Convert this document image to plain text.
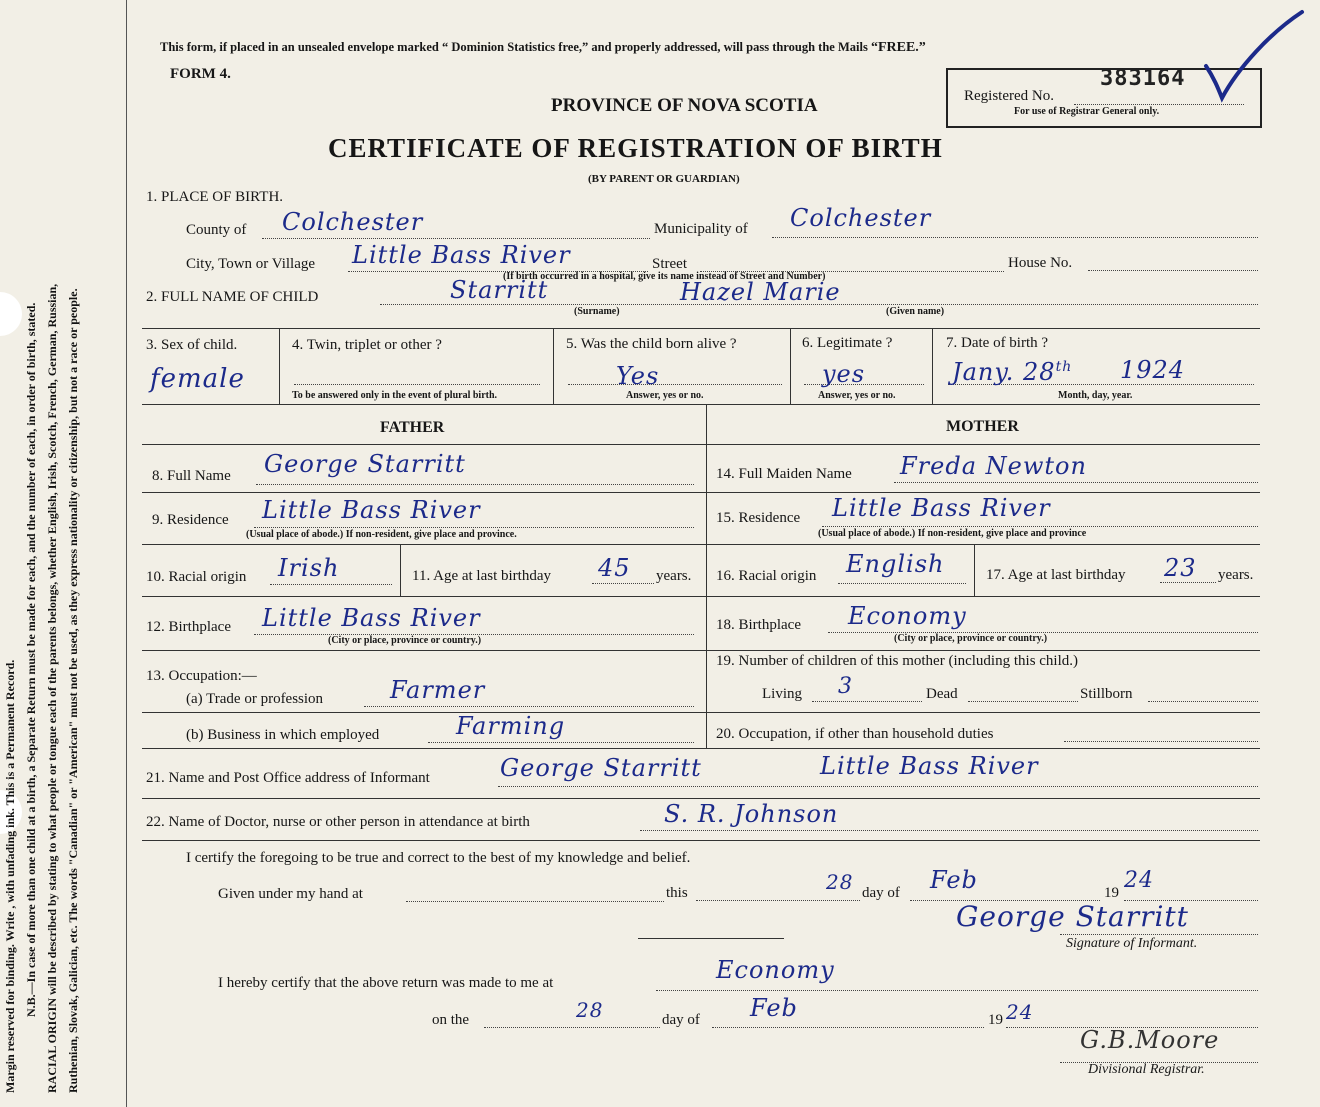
Margin reserved for binding. Write , with unfading ink. This is a Permanent Record. N.B.—In case of more than one child at a birth, a Separate Return must be made for each, and the number of each, in order of birth, stated. RACIAL ORIGIN will be described by stating to what people or tongue each of the parents belongs, whether English, Irish, Scotch, French, German, Russian, Ruthenian, Slovak, Galician, etc. The words "Canadian" or "American" must not be used, as they express nationality or citizenship, but not a race or people.
This form, if placed in an unsealed envelope marked “ Dominion Statistics free,” and properly addressed, will pass through the Mails “FREE.”
FORM 4.
PROVINCE OF NOVA SCOTIA
CERTIFICATE OF REGISTRATION OF BIRTH
(BY PARENT OR GUARDIAN)
Registered No.
383164
For use of Registrar General only.
1. PLACE OF BIRTH.
County of Colchester	Municipality of Colchester
City, Town or Village Little Bass River	Street	House No.
(If birth occurred in a hospital, give its name instead of Street and Number)
2. FULL NAME OF CHILD	Starritt	Hazel Marie
(Surname)	(Given name)
3. Sex of child.
female
4. Twin, triplet or other ?
To be answered only in the event of plural birth.
5. Was the child born alive ?
Yes
Answer, yes or no.
6. Legitimate ?
yes
Answer, yes or no.
7. Date of birth ?
Jany. 28th 1924
Month, day, year.
FATHER	MOTHER
8. Full Name George Starritt	14. Full Maiden Name Freda Newton
9. Residence Little Bass River
(Usual place of abode.) If non-resident, give place and province.
15. Residence Little Bass River
(Usual place of abode.) If non-resident, give place and province
10. Racial origin Irish	11. Age at last birthday 45 years. 16. Racial origin English	17. Age at last birthday 23 years.
12. Birthplace Little Bass River
(City or place, province or country.)
18. Birthplace Economy
(City or place, province or country.)
13. Occupation:—
(a) Trade or profession	Farmer
(b) Business in which employed	Farming
19. Number of children of this mother (including this child.)
Living 3	Dead	Stillborn
20. Occupation, if other than household duties
21. Name and Post Office address of Informant	George Starritt	Little Bass River
22. Name of Doctor, nurse or other person in attendance at birth	S. R. Johnson
I certify the foregoing to be true and correct to the best of my knowledge and belief.
Given under my hand at	this	28 day of Feb	19 24
George Starritt
Signature of Informant.
I hereby certify that the above return was made to me at	Economy
on the	28	day of Feb	19 24
G.B.Moore
Divisional Registrar.
